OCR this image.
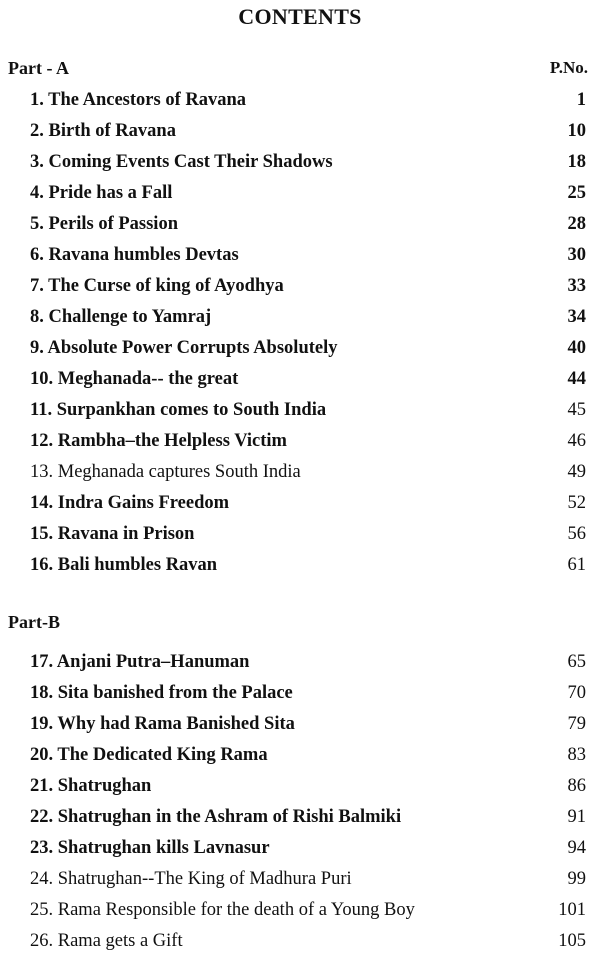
CONTENTS
Part - A	P.No.
1. The Ancestors of Ravana	1
2. Birth of Ravana	10
3. Coming Events Cast Their Shadows	18
4. Pride has a Fall	25
5. Perils of Passion	28
6. Ravana humbles Devtas	30
7. The Curse of king of Ayodhya	33
8. Challenge to Yamraj	34
9. Absolute Power Corrupts Absolutely	40
10. Meghanada-- the great	44
11. Surpankhan comes to South India	45
12. Rambha–the Helpless Victim	46
13. Meghanada captures South India	49
14. Indra Gains Freedom	52
15. Ravana in Prison	56
16. Bali humbles Ravan	61
Part-B
17. Anjani Putra–Hanuman	65
18. Sita banished from the Palace	70
19. Why had Rama Banished Sita	79
20. The Dedicated King Rama	83
21. Shatrughan	86
22. Shatrughan in the Ashram of Rishi Balmiki	91
23. Shatrughan kills Lavnasur	94
24. Shatrughan--The King of Madhura Puri	99
25. Rama Responsible for the death of a Young Boy	101
26. Rama gets a Gift	105
